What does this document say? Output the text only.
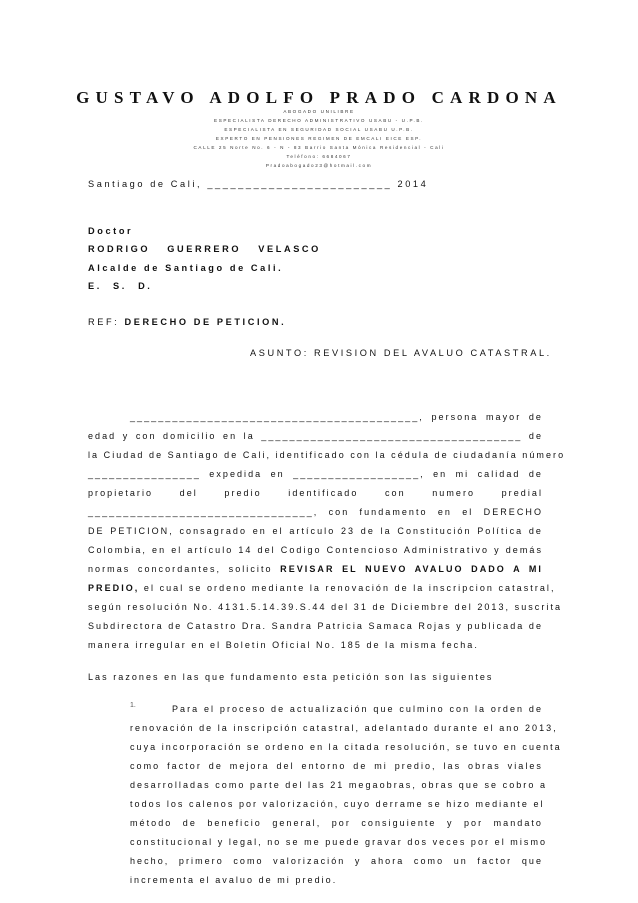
GUSTAVO ADOLFO PRADO CARDONA
ABOGADO UNILIBRE
ESPECIALISTA DERECHO ADMINISTRATIVO USABU - U.P.B.
ESPECIALISTA EN SEGURIDAD SOCIAL USABU U.P.B.
EXPERTO EN PENSIONES REGIMEN DE EMCALI EICE ESP.
CALLE 25 Norte No. 6 - N - 83 Barrio Santa Mónica Residencial - Cali
Teléfono: 6684067
Pradoabogado23@hotmail.com
Santiago de Cali, ________________________ 2014
Doctor
RODRIGO GUERRERO VELASCO
Alcalde de Santiago de Cali.
E. S. D.
REF: DERECHO DE PETICION.
ASUNTO: REVISION DEL AVALUO CATASTRAL.
_________________________________________, persona mayor de
edad y con domicilio en la _____________________________________ de
la Ciudad de Santiago de Cali, identificado con la cédula de ciudadanía número
________________ expedida en __________________, en mi calidad de
propietario del predio identificado con numero predial
________________________________, con fundamento en el DERECHO
DE PETICION, consagrado en el artículo 23 de la Constitución Política de
Colombia, en el artículo 14 del Codigo Contencioso Administrativo y demás
normas concordantes, solicito REVISAR EL NUEVO AVALUO DADO A MI
PREDIO, el cual se ordeno mediante la renovación de la inscripcion catastral,
según resolución No. 4131.5.14.39.S.44 del 31 de Diciembre del 2013, suscrita
Subdirectora de Catastro Dra. Sandra Patricia Samaca Rojas y publicada de
manera irregular en el Boletin Oficial No. 185 de la misma fecha.
Las razones en las que fundamento esta petición son las siguientes
1.	Para el proceso de actualización que culmino con la orden de
renovación de la inscripción catastral, adelantado durante el ano 2013,
cuya incorporación se ordeno en la citada resolución, se tuvo en cuenta
como factor de mejora del entorno de mi predio, las obras viales
desarrolladas como parte del las 21 megaobras, obras que se cobro a
todos los calenos por valorización, cuyo derrame se hizo mediante el
método de beneficio general, por consiguiente y por mandato
constitucional y legal, no se me puede gravar dos veces por el mismo
hecho, primero como valorización y ahora como un factor que
incrementa el avaluo de mi predio.
